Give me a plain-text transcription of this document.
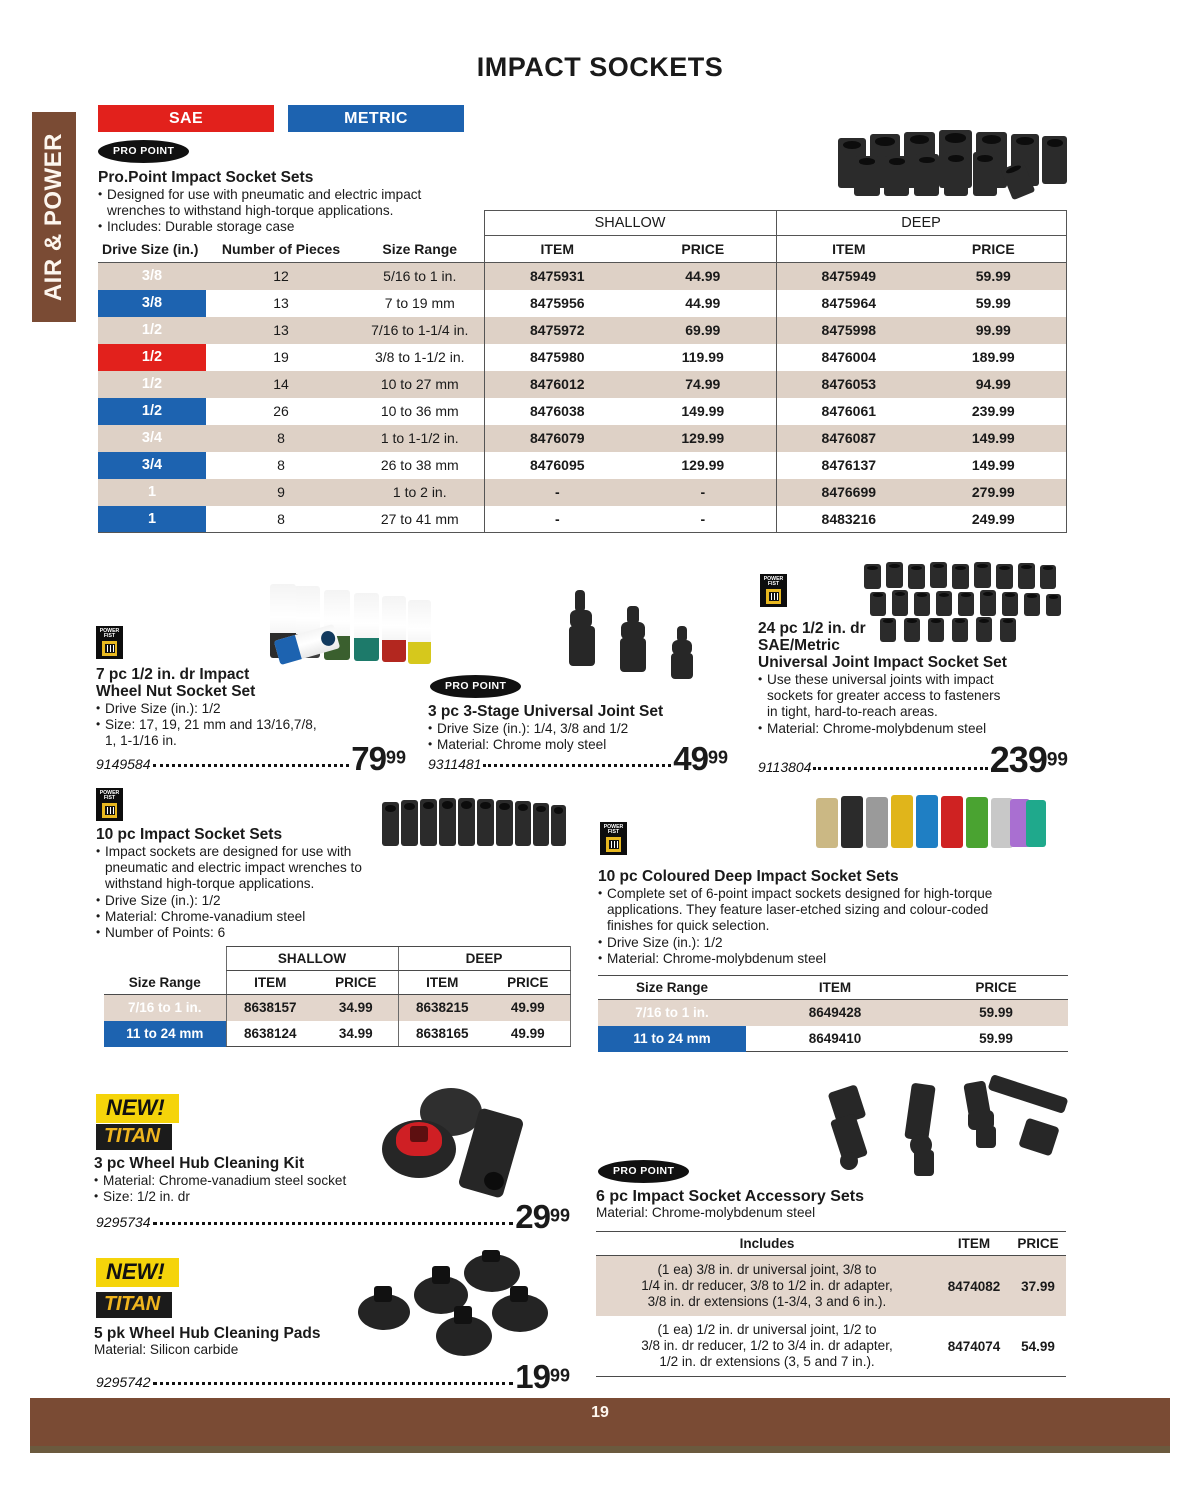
IMPACT SOCKETS
AIR & POWER
SAE	METRIC
PRO POINT
Pro.Point Impact Socket Sets
• Designed for use with pneumatic and electric impact
wrenches to withstand high-torque applications.
• Includes: Durable storage case
			SHALLOW		DEEP	
Drive Size (in.)	Number of Pieces	Size Range	ITEM	PRICE	ITEM	PRICE
3/8	12	5/16 to 1 in.	8475931	44.99	8475949	59.99
3/8	13	7 to 19 mm	8475956	44.99	8475964	59.99
1/2	13	7/16 to 1-1/4 in.	8475972	69.99	8475998	99.99
1/2	19	3/8 to 1-1/2 in.	8475980	119.99	8476004	189.99
1/2	14	10 to 27 mm	8476012	74.99	8476053	94.99
1/2	26	10 to 36 mm	8476038	149.99	8476061	239.99
3/4	8	1 to 1-1/2 in.	8476079	129.99	8476087	149.99
3/4	8	26 to 38 mm	8476095	129.99	8476137	149.99
1	9	1 to 2 in.	-	-	8476699	279.99
1	8	27 to 41 mm	-	-	8483216	249.99
POWER
FIST
7 pc 1/2 in. dr Impact
Wheel Nut Socket Set
• Drive Size (in.): 1/2
• Size: 17, 19, 21 mm and 13/16,7/8,
1, 1-1/16 in.
9149584	7999
PRO POINT
3 pc 3-Stage Universal Joint Set
• Drive Size (in.): 1/4, 3/8 and 1/2
• Material: Chrome moly steel
9311481	4999
POWER
FIST
24 pc 1/2 in. dr
SAE/Metric
Universal Joint Impact Socket Set
• Use these universal joints with impact sockets for greater access to fasteners in tight, hard-to-reach areas.
• Material: Chrome-molybdenum steel
9113804	23999
POWER
FIST
10 pc Impact Socket Sets
• Impact sockets are designed for use with pneumatic and electric impact wrenches to withstand high-torque applications.
• Drive Size (in.): 1/2
• Material: Chrome-vanadium steel
• Number of Points: 6
	SHALLOW		DEEP	
Size Range	ITEM	PRICE	ITEM	PRICE
7/16 to 1 in.	8638157	34.99	8638215	49.99
11 to 24 mm	8638124	34.99	8638165	49.99
POWER
FIST
10 pc Coloured Deep Impact Socket Sets
• Complete set of 6-point impact sockets designed for high-torque applications. They feature laser-etched sizing and colour-coded finishes for quick selection.
• Drive Size (in.): 1/2
• Material: Chrome-molybdenum steel
Size Range	ITEM	PRICE
7/16 to 1 in.	8649428	59.99
11 to 24 mm	8649410	59.99
NEW!
TITAN
3 pc Wheel Hub Cleaning Kit
• Material: Chrome-vanadium steel socket
• Size: 1/2 in. dr
9295734	2999
NEW!
TITAN
5 pk Wheel Hub Cleaning Pads

Material: Silicon carbide

9295742	1999
PRO POINT
6 pc Impact Socket Accessory Sets

Material: Chrome-molybdenum steel

Includes	ITEM	PRICE
(1 ea) 3/8 in. dr universal joint, 3/8 to
1/4 in. dr reducer, 3/8 to 1/2 in. dr adapter,
3/8 in. dr extensions (1-3/4, 3 and 6 in.).	8474082	37.99
(1 ea) 1/2 in. dr universal joint, 1/2 to
3/8 in. dr reducer, 1/2 to 3/4 in. dr adapter,
1/2 in. dr extensions (3, 5 and 7 in.).	8474074	54.99
19
